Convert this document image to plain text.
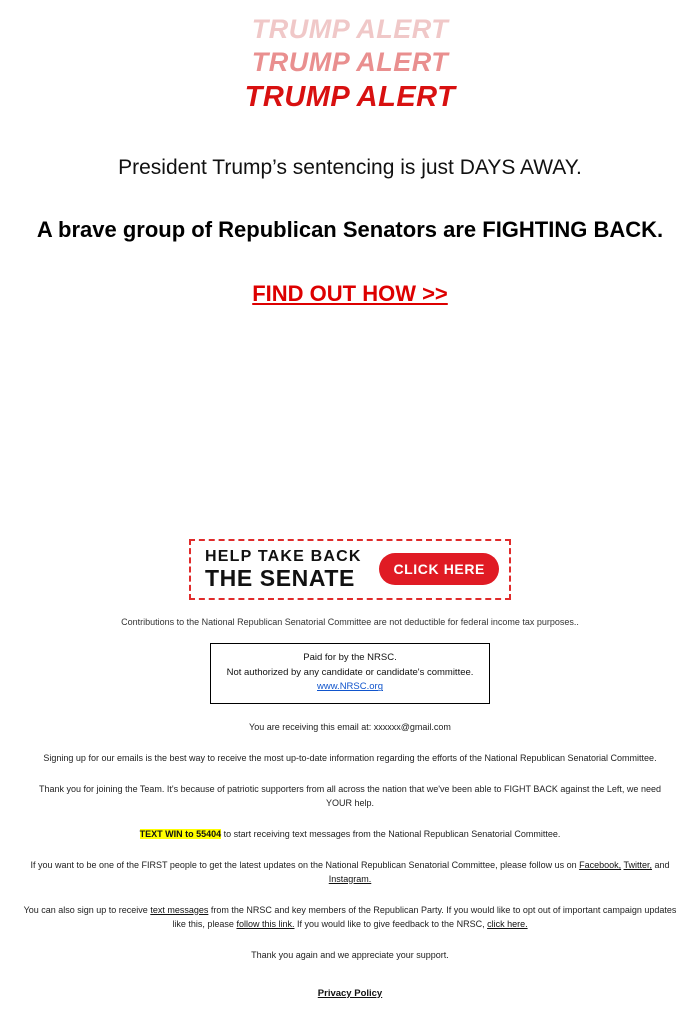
TRUMP ALERT
TRUMP ALERT
TRUMP ALERT
President Trump’s sentencing is just DAYS AWAY.
A brave group of Republican Senators are FIGHTING BACK.
FIND OUT HOW >>
HELP TAKE BACK
THE SENATE	CLICK HERE
Contributions to the National Republican Senatorial Committee are not deductible for federal income tax purposes..
Paid for by the NRSC.
Not authorized by any candidate or candidate's committee.
www.NRSC.org
You are receiving this email at: xxxxxx@gmail.com
Signing up for our emails is the best way to receive the most up-to-date information regarding the efforts of the National Republican Senatorial Committee.
Thank you for joining the Team. It's because of patriotic supporters from all across the nation that we've been able to FIGHT BACK against the Left, we need YOUR help.
TEXT WIN to 55404 to start receiving text messages from the National Republican Senatorial Committee.
If you want to be one of the FIRST people to get the latest updates on the National Republican Senatorial Committee, please follow us on Facebook, Twitter, and Instagram.
You can also sign up to receive text messages from the NRSC and key members of the Republican Party. If you would like to opt out of important campaign updates like this, please follow this link. If you would like to give feedback to the NRSC, click here.
Thank you again and we appreciate your support.
Privacy Policy
